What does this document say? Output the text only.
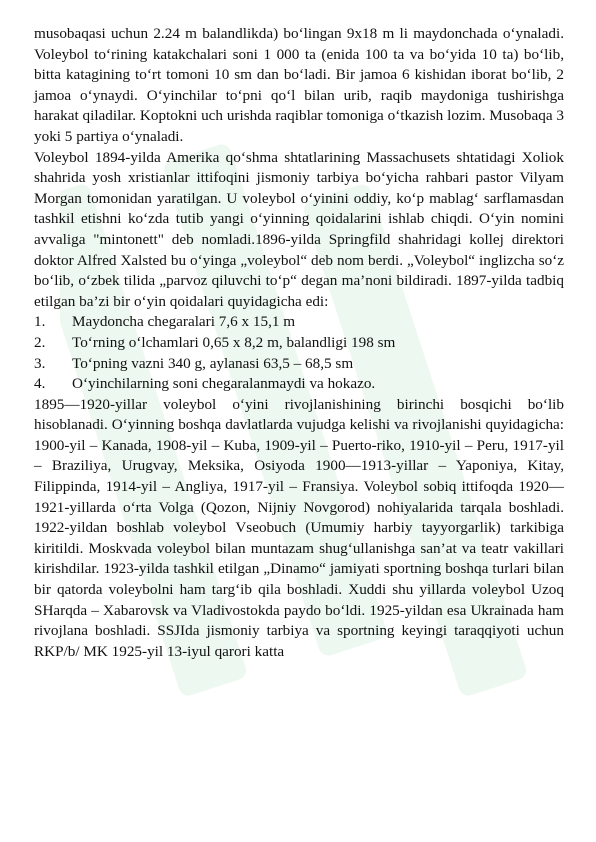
musobaqasi uchun 2.24 m balandlikda) bo‘lingan 9x18 m li maydonchada o‘ynaladi. Voleybol to‘rining katakchalari soni 1 000 ta (enida 100 ta va bo‘yida 10 ta) bo‘lib, bitta katagining to‘rt tomoni 10 sm dan bo‘ladi. Bir jamoa 6 kishidan iborat bo‘lib, 2 jamoa o‘ynaydi. O‘yinchilar to‘pni qo‘l bilan urib, raqib maydoniga tushirishga harakat qiladilar. Koptokni uch urishda raqiblar tomoniga o‘tkazish lozim. Musobaqa 3 yoki 5 partiya o‘ynaladi.

Voleybol 1894-yilda Amerika qo‘shma shtatlarining Massachusets shtatidagi Xoliok shahrida yosh xristianlar ittifoqini jismoniy tarbiya bo‘yicha rahbari pastor Vilyam Morgan tomonidan yaratilgan. U voleybol o‘yinini oddiy, ko‘p mablag‘ sarflamasdan tashkil etishni ko‘zda tutib yangi o‘yinning qoidalarini ishlab chiqdi. O‘yin nomini avvaliga "mintonett" deb nomladi.1896-yilda Springfild shahridagi kollej direktori doktor Alfred Xalsted bu o‘yinga „voleybol“ deb nom berdi. „Voleybol“ inglizcha so‘z bo‘lib, o‘zbek tilida „parvoz qiluvchi to‘p“ degan ma’noni bildiradi. 1897-yilda tadbiq etilgan ba’zi bir o‘yin qoidalari quyidagicha edi:

1.	Maydoncha chegaralari 7,6 x 15,1 m
2.	To‘rning o‘lchamlari 0,65 x 8,2 m, balandligi 198 sm
3.	To‘pning vazni 340 g, aylanasi 63,5 – 68,5 sm
4.	O‘yinchilarning soni chegaralanmaydi va hokazo.

1895—1920-yillar voleybol o‘yini rivojlanishining birinchi bosqichi bo‘lib hisoblanadi. O‘yinning boshqa davlatlarda vujudga kelishi va rivojlanishi quyidagicha: 1900-yil – Kanada, 1908-yil – Kuba, 1909-yil – Puerto-riko, 1910-yil – Peru, 1917-yil – Braziliya, Urugvay, Meksika, Osiyoda 1900—1913-yillar – Yaponiya, Kitay, Filippinda, 1914-yil – Angliya, 1917-yil – Fransiya. Voleybol sobiq ittifoqda 1920—1921-yillarda o‘rta Volga (Qozon, Nijniy Novgorod) nohiyalarida tarqala boshladi. 1922-yildan boshlab voleybol Vseobuch (Umumiy harbiy tayyorgarlik) tarkibiga kiritildi. Moskvada voleybol bilan muntazam shug‘ullanishga san’at va teatr vakillari kirishdilar. 1923-yilda tashkil etilgan „Dinamo“ jamiyati sportning boshqa turlari bilan bir qatorda voleybolni ham targ‘ib qila boshladi. Xuddi shu yillarda voleybol Uzoq SHarqda – Xabarovsk va Vladivostokda paydo bo‘ldi. 1925-yildan esa Ukrainada ham rivojlana boshladi. SSJIda jismoniy tarbiya va sportning keyingi taraqqiyoti uchun RKP/b/ MK 1925-yil 13-iyul qarori katta
